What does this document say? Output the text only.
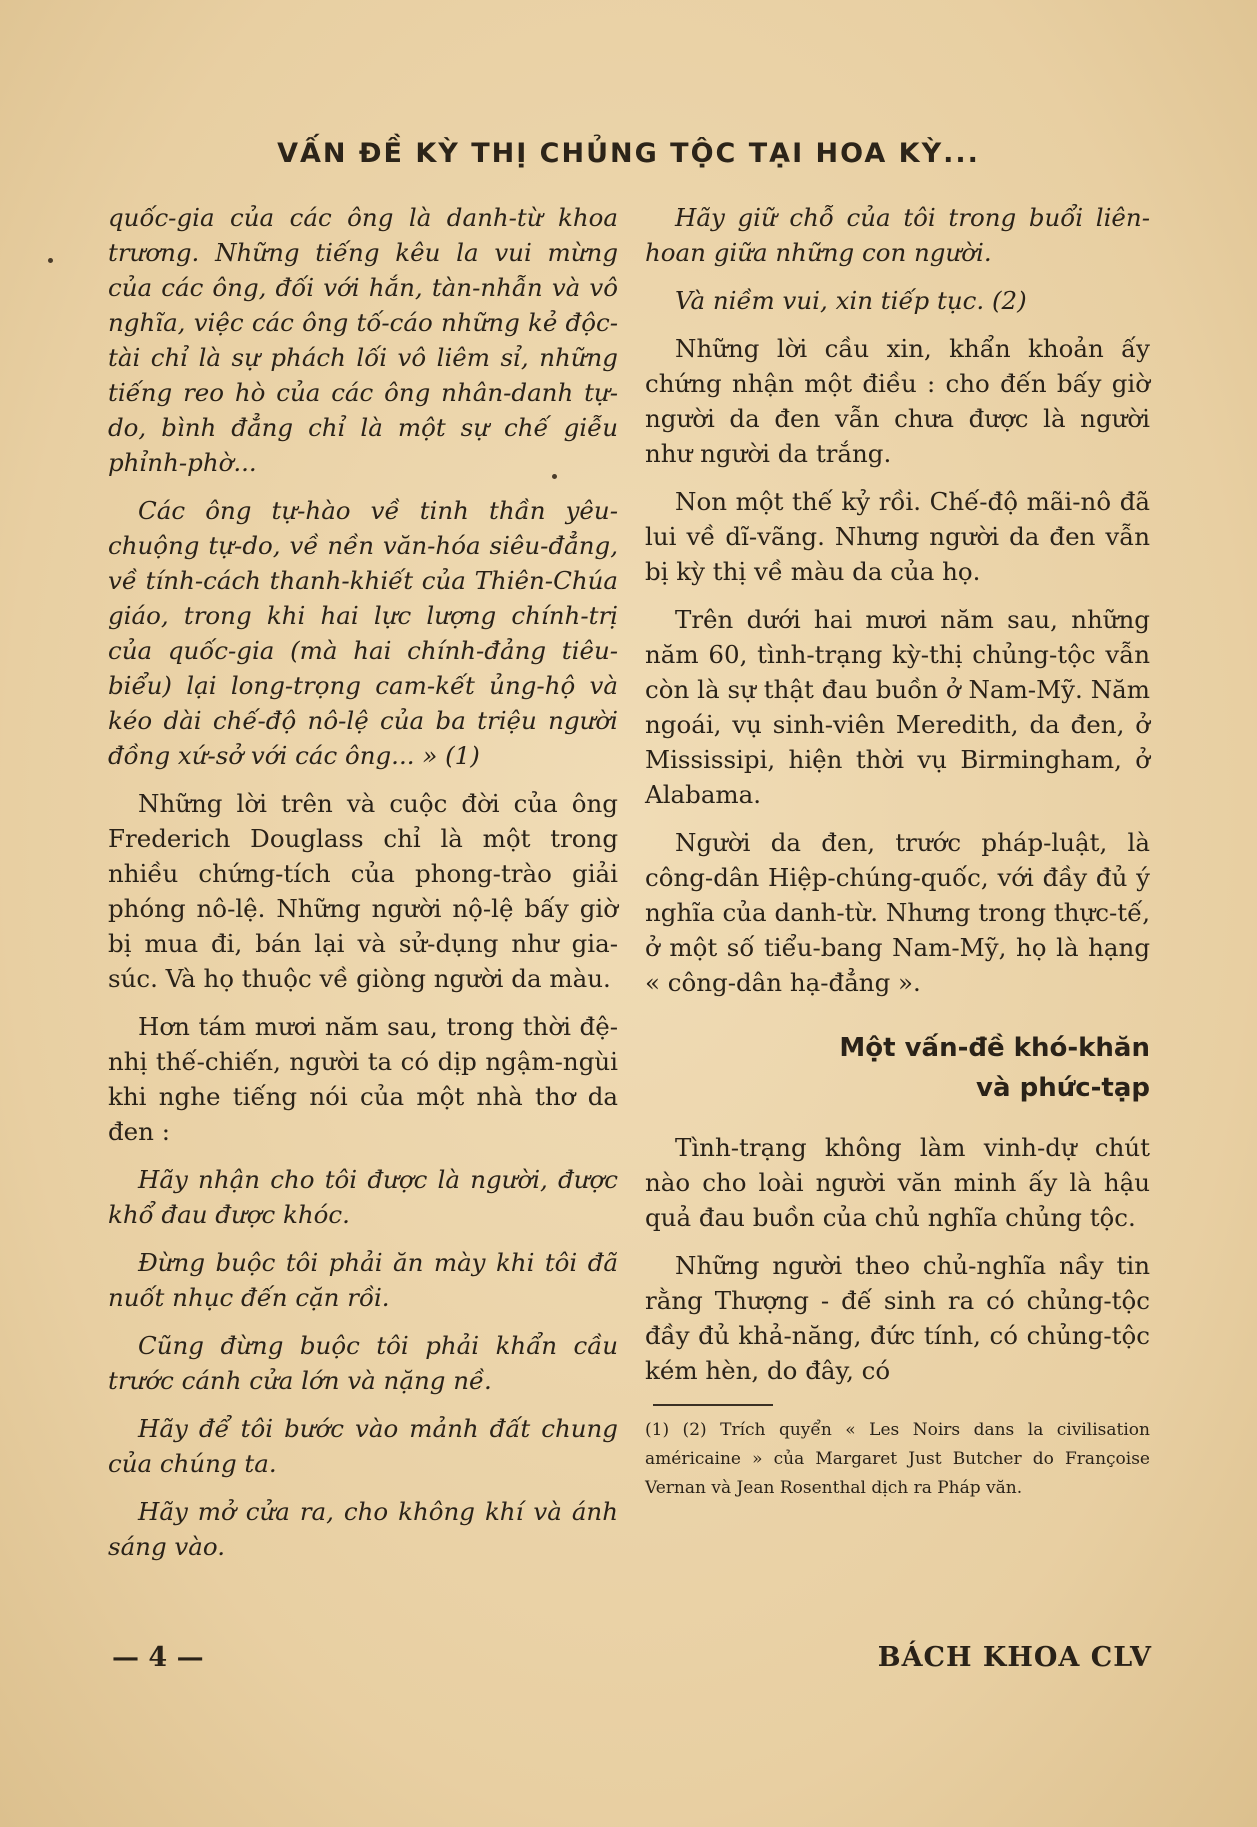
VẤN ĐỀ KỲ THỊ CHỦNG TỘC TẠI HOA KỲ...

quốc-gia của các ông là danh-từ khoa trương. Những tiếng kêu la vui mừng của các ông, đối với hắn, tàn-nhẫn và vô nghĩa, việc các ông tố-cáo những kẻ độc-tài chỉ là sự phách lối vô liêm sỉ, những tiếng reo hò của các ông nhân-danh tự-do, bình đẳng chỉ là một sự chế giễu phỉnh-phờ...

Các ông tự-hào về tinh thần yêu-chuộng tự-do, về nền văn-hóa siêu-đẳng, về tính-cách thanh-khiết của Thiên-Chúa giáo, trong khi hai lực lượng chính-trị của quốc-gia (mà hai chính-đảng tiêu-biểu) lại long-trọng cam-kết ủng-hộ và kéo dài chế-độ nô-lệ của ba triệu người đồng xứ-sở với các ông... » (1)

Những lời trên và cuộc đời của ông Frederich Douglass chỉ là một trong nhiều chứng-tích của phong-trào giải phóng nô-lệ. Những người nộ-lệ bấy giờ bị mua đi, bán lại và sử-dụng như gia-súc. Và họ thuộc về giòng người da màu.

Hơn tám mươi năm sau, trong thời đệ-nhị thế-chiến, người ta có dịp ngậm-ngùi khi nghe tiếng nói của một nhà thơ da đen :

Hãy nhận cho tôi được là người, được khổ đau được khóc.

Đừng buộc tôi phải ăn mày khi tôi đã nuốt nhục đến cặn rồi.

Cũng đừng buộc tôi phải khẩn cầu trước cánh cửa lớn và nặng nề.

Hãy để tôi bước vào mảnh đất chung của chúng ta.

Hãy mở cửa ra, cho không khí và ánh sáng vào.

Hãy giữ chỗ của tôi trong buổi liên-hoan giữa những con người.

Và niềm vui, xin tiếp tục. (2)

Những lời cầu xin, khẩn khoản ấy chứng nhận một điều : cho đến bấy giờ người da đen vẫn chưa được là người như người da trắng.

Non một thế kỷ rồi. Chế-độ mãi-nô đã lui về dĩ-vãng. Nhưng người da đen vẫn bị kỳ thị về màu da của họ.

Trên dưới hai mươi năm sau, những năm 60, tình-trạng kỳ-thị chủng-tộc vẫn còn là sự thật đau buồn ở Nam-Mỹ. Năm ngoái, vụ sinh-viên Meredith, da đen, ở Mississipi, hiện thời vụ Birmingham, ở Alabama.

Người da đen, trước pháp-luật, là công-dân Hiệp-chúng-quốc, với đầy đủ ý nghĩa của danh-từ. Nhưng trong thực-tế, ở một số tiểu-bang Nam-Mỹ, họ là hạng « công-dân hạ-đẳng ».

Một vấn-đề khó-khăn
và phức-tạp

Tình-trạng không làm vinh-dự chút nào cho loài người văn minh ấy là hậu quả đau buồn của chủ nghĩa chủng tộc.

Những người theo chủ-nghĩa nầy tin rằng Thượng - đế sinh ra có chủng-tộc đầy đủ khả-năng, đức tính, có chủng-tộc kém hèn, do đây, có

(1) (2) Trích quyển « Les Noirs dans la civilisation américaine » của Margaret Just Butcher do Françoise Vernan và Jean Rosenthal dịch ra Pháp văn.

— 4 —	BÁCH KHOA CLV
